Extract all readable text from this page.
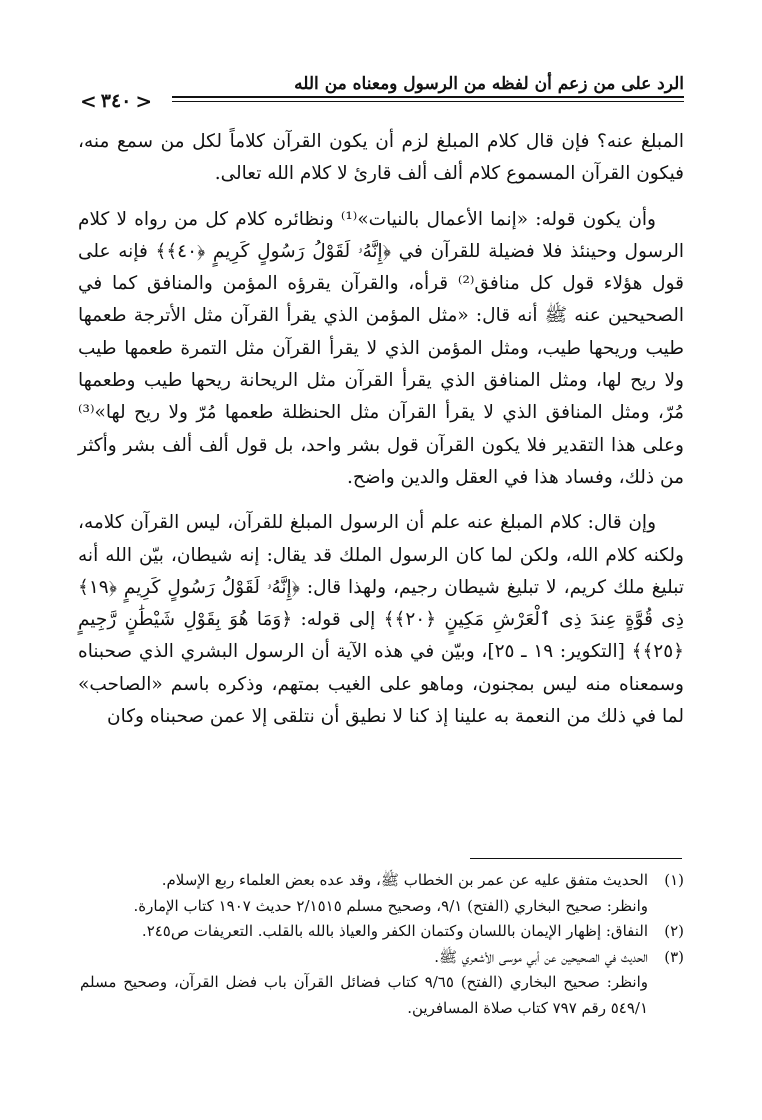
الرد على من زعم أن لفظه من الرسول ومعناه من الله
< ٣٤٠ >

المبلغ عنه؟ فإن قال كلام المبلغ لزم أن يكون القرآن كلاماً لكل من سمع منه، فيكون القرآن المسموع كلام ألف ألف قارئ لا كلام الله تعالى.

وأن يكون قوله: «إنما الأعمال بالنيات»⁽¹⁾ ونظائره كلام كل من رواه لا كلام الرسول وحينئذ فلا فضيلة للقرآن في ﴿إِنَّهُۥ لَقَوْلُ رَسُولٍ كَرِيمٍ ﴿٤٠﴾﴾ فإنه على قول هؤلاء قول كل منافق⁽²⁾ قرأه، والقرآن يقرؤه المؤمن والمنافق كما في الصحيحين عنه ﷺ أنه قال: «مثل المؤمن الذي يقرأ القرآن مثل الأترجة طعمها طيب وريحها طيب، ومثل المؤمن الذي لا يقرأ القرآن مثل التمرة طعمها طيب ولا ريح لها، ومثل المنافق الذي يقرأ القرآن مثل الريحانة ريحها طيب وطعمها مُرّ، ومثل المنافق الذي لا يقرأ القرآن مثل الحنظلة طعمها مُرّ ولا ريح لها»⁽³⁾ وعلى هذا التقدير فلا يكون القرآن قول بشر واحد، بل قول ألف ألف بشر وأكثر من ذلك، وفساد هذا في العقل والدين واضح.

وإن قال: كلام المبلغ عنه علم أن الرسول المبلغ للقرآن، ليس القرآن كلامه، ولكنه كلام الله، ولكن لما كان الرسول الملك قد يقال: إنه شيطان، بيّن الله أنه تبليغ ملك كريم، لا تبليغ شيطان رجيم، ولهذا قال: ﴿إِنَّهُۥ لَقَوْلُ رَسُولٍ كَرِيمٍ ﴿١٩﴾ ذِى قُوَّةٍ عِندَ ذِى ٱلْعَرْشِ مَكِينٍ ﴿٢٠﴾﴾ إلى قوله: ﴿وَمَا هُوَ بِقَوْلِ شَيْطَٰنٍ رَّجِيمٍ ﴿٢٥﴾﴾ [التكوير: ١٩ ـ ٢٥]، وبيّن في هذه الآية أن الرسول البشري الذي صحبناه وسمعناه منه ليس بمجنون، وماهو على الغيب بمتهم، وذكره باسم «الصاحب» لما في ذلك من النعمة به علينا إذ كنا لا نطيق أن نتلقى إلا عمن صحبناه وكان

(١)
الحديث متفق عليه عن عمر بن الخطاب ﷺ، وقد عده بعض العلماء ربع الإسلام.
وانظر: صحيح البخاري (الفتح) ٩/١، وصحيح مسلم ٢/١٥١٥ حديث ١٩٠٧ كتاب الإمارة.
(٢)
النفاق: إظهار الإيمان باللسان وكتمان الكفر والعياذ بالله بالقلب. التعريفات ص٢٤٥.
(٣)
الحديث في الصحيحين عن أبي موسى الأشعري ﷺ.
وانظر: صحيح البخاري (الفتح) ٩/٦٥ كتاب فضائل القرآن باب فضل القرآن، وصحيح مسلم ٥٤٩/١ رقم ٧٩٧ كتاب صلاة المسافرين.
